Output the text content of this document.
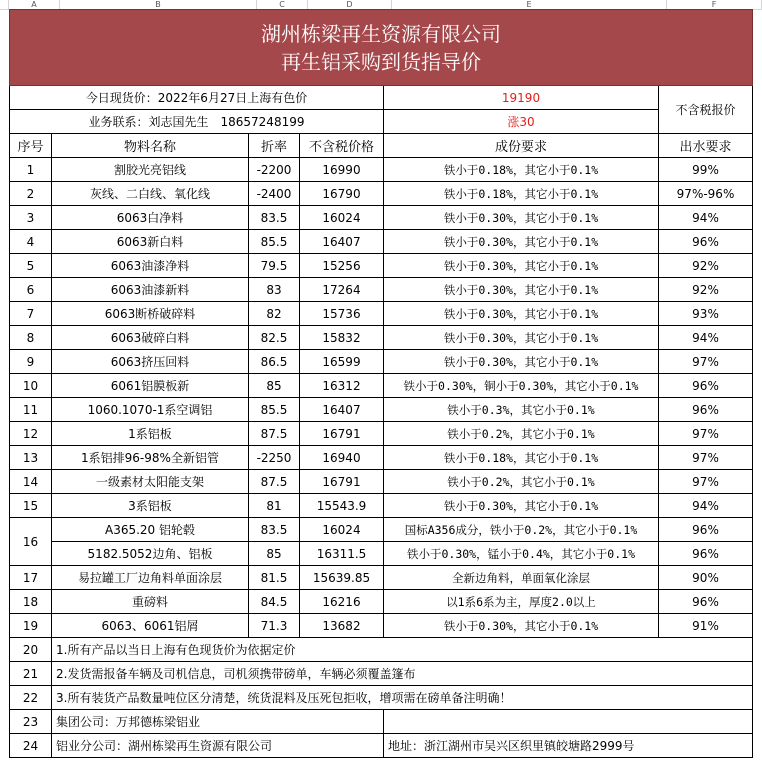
A	B	C	D	E	F
湖州栋梁再生资源有限公司
再生铝采购到货指导价					

今日现货价：2022年6月27日上海有色价				19190	不含税报价
业务联系：刘志国先生　18657248199				涨30	
序号	物料名称	折率	不含税价格	成份要求	出水要求
1	割胶光亮铝线	-2200	16990	铁小于0.18%，其它小于0.1%	99%
2	灰线、二白线、氧化线	-2400	16790	铁小于0.18%，其它小于0.1%	97%-96%
3	6063白净料	83.5	16024	铁小于0.30%，其它小于0.1%	94%
4	6063新白料	85.5	16407	铁小于0.30%，其它小于0.1%	96%
5	6063油漆净料	79.5	15256	铁小于0.30%，其它小于0.1%	92%
6	6063油漆新料	83	17264	铁小于0.30%，其它小于0.1%	92%
7	6063断桥破碎料	82	15736	铁小于0.30%，其它小于0.1%	93%
8	6063破碎白料	82.5	15832	铁小于0.30%，其它小于0.1%	94%
9	6063挤压回料	86.5	16599	铁小于0.30%，其它小于0.1%	97%
10	6061铝膜板新	85	16312	铁小于0.30%，铜小于0.30%，其它小于0.1%	96%
11	1060.1070-1系空调铝	85.5	16407	铁小于0.3%，其它小于0.1%	96%
12	1系铝板	87.5	16791	铁小于0.2%，其它小于0.1%	97%
13	1系铝排96-98%全新铝管	-2250	16940	铁小于0.18%，其它小于0.1%	97%
14	一级素材太阳能支架	87.5	16791	铁小于0.2%，其它小于0.1%	97%
15	3系铝板	81	15543.9	铁小于0.30%，其它小于0.1%	94%
16	A365.20 铝轮毂	83.5	16024	国标A356成分，铁小于0.2%，其它小于0.1%	96%
	5182.5052边角、铝板	85	16311.5	铁小于0.30%，锰小于0.4%，其它小于0.1%	96%
17	易拉罐工厂边角料单面涂层	81.5	15639.85	全新边角料，单面氧化涂层	90%
18	重磅料	84.5	16216	以1系6系为主，厚度2.0以上	96%
19	6063、6061铝屑	71.3	13682	铁小于0.30%，其它小于0.1%	91%
20	1.所有产品以当日上海有色现货价为依据定价				
21	2.发货需报备车辆及司机信息，司机须携带磅单，车辆必须覆盖篷布				
22	3.所有装货产品数量吨位区分清楚，统货混料及压死包拒收，增项需在磅单备注明确！				
23	集团公司：万邦德栋梁铝业				
24	铝业分公司：湖州栋梁再生资源有限公司			地址：浙江湖州市吴兴区织里镇皎塘路2999号	
